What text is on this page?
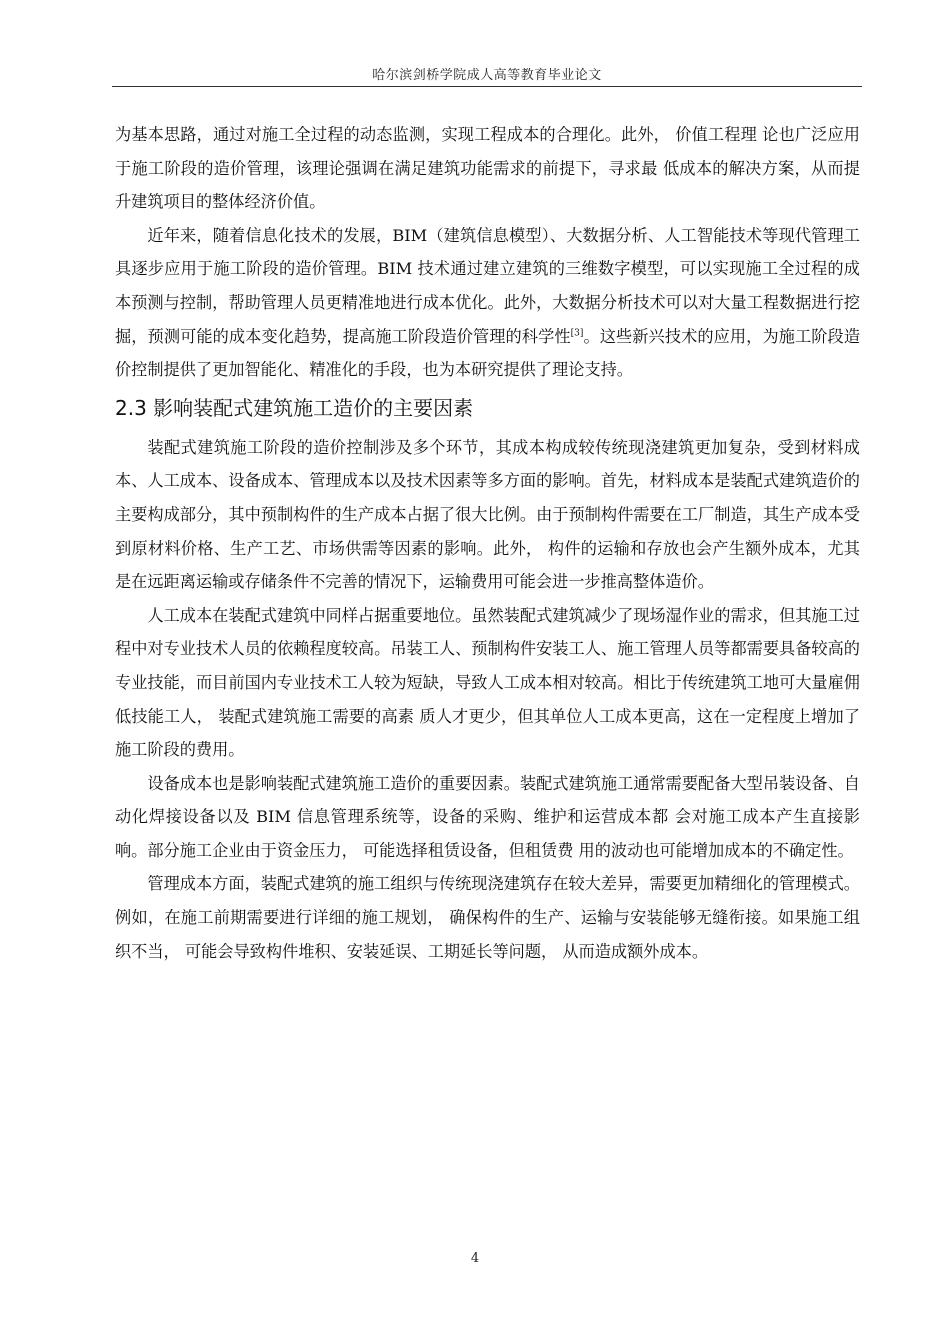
哈尔滨剑桥学院成人高等教育毕业论文

为基本思路，通过对施工全过程的动态监测，实现工程成本的合理化。此外， 价值工程理 论也广泛应用于施工阶段的造价管理，该理论强调在满足建筑功能需求的前提下，寻求最 低成本的解决方案，从而提升建筑项目的整体经济价值。

近年来，随着信息化技术的发展，BIM（建筑信息模型）、大数据分析、人工智能技术等现代管理工具逐步应用于施工阶段的造价管理。BIM 技术通过建立建筑的三维数字模型，可以实现施工全过程的成本预测与控制，帮助管理人员更精准地进行成本优化。此外，大数据分析技术可以对大量工程数据进行挖掘，预测可能的成本变化趋势，提高施工阶段造价管理的科学性[3]。这些新兴技术的应用，为施工阶段造价控制提供了更加智能化、精准化的手段，也为本研究提供了理论支持。

2.3 影响装配式建筑施工造价的主要因素

装配式建筑施工阶段的造价控制涉及多个环节，其成本构成较传统现浇建筑更加复杂，受到材料成本、人工成本、设备成本、管理成本以及技术因素等多方面的影响。首先，材料成本是装配式建筑造价的主要构成部分，其中预制构件的生产成本占据了很大比例。由于预制构件需要在工厂制造，其生产成本受到原材料价格、生产工艺、市场供需等因素的影响。此外， 构件的运输和存放也会产生额外成本，尤其是在远距离运输或存储条件不完善的情况下，运输费用可能会进一步推高整体造价。

人工成本在装配式建筑中同样占据重要地位。虽然装配式建筑减少了现场湿作业的需求，但其施工过程中对专业技术人员的依赖程度较高。吊装工人、预制构件安装工人、施工管理人员等都需要具备较高的专业技能，而目前国内专业技术工人较为短缺，导致人工成本相对较高。相比于传统建筑工地可大量雇佣低技能工人， 装配式建筑施工需要的高素 质人才更少，但其单位人工成本更高，这在一定程度上增加了施工阶段的费用。

设备成本也是影响装配式建筑施工造价的重要因素。装配式建筑施工通常需要配备大型吊装设备、自动化焊接设备以及 BIM 信息管理系统等，设备的采购、维护和运营成本都 会对施工成本产生直接影响。部分施工企业由于资金压力， 可能选择租赁设备，但租赁费 用的波动也可能增加成本的不确定性。

管理成本方面，装配式建筑的施工组织与传统现浇建筑存在较大差异，需要更加精细化的管理模式。例如，在施工前期需要进行详细的施工规划， 确保构件的生产、运输与安装能够无缝衔接。如果施工组织不当， 可能会导致构件堆积、安装延误、工期延长等问题， 从而造成额外成本。

4
